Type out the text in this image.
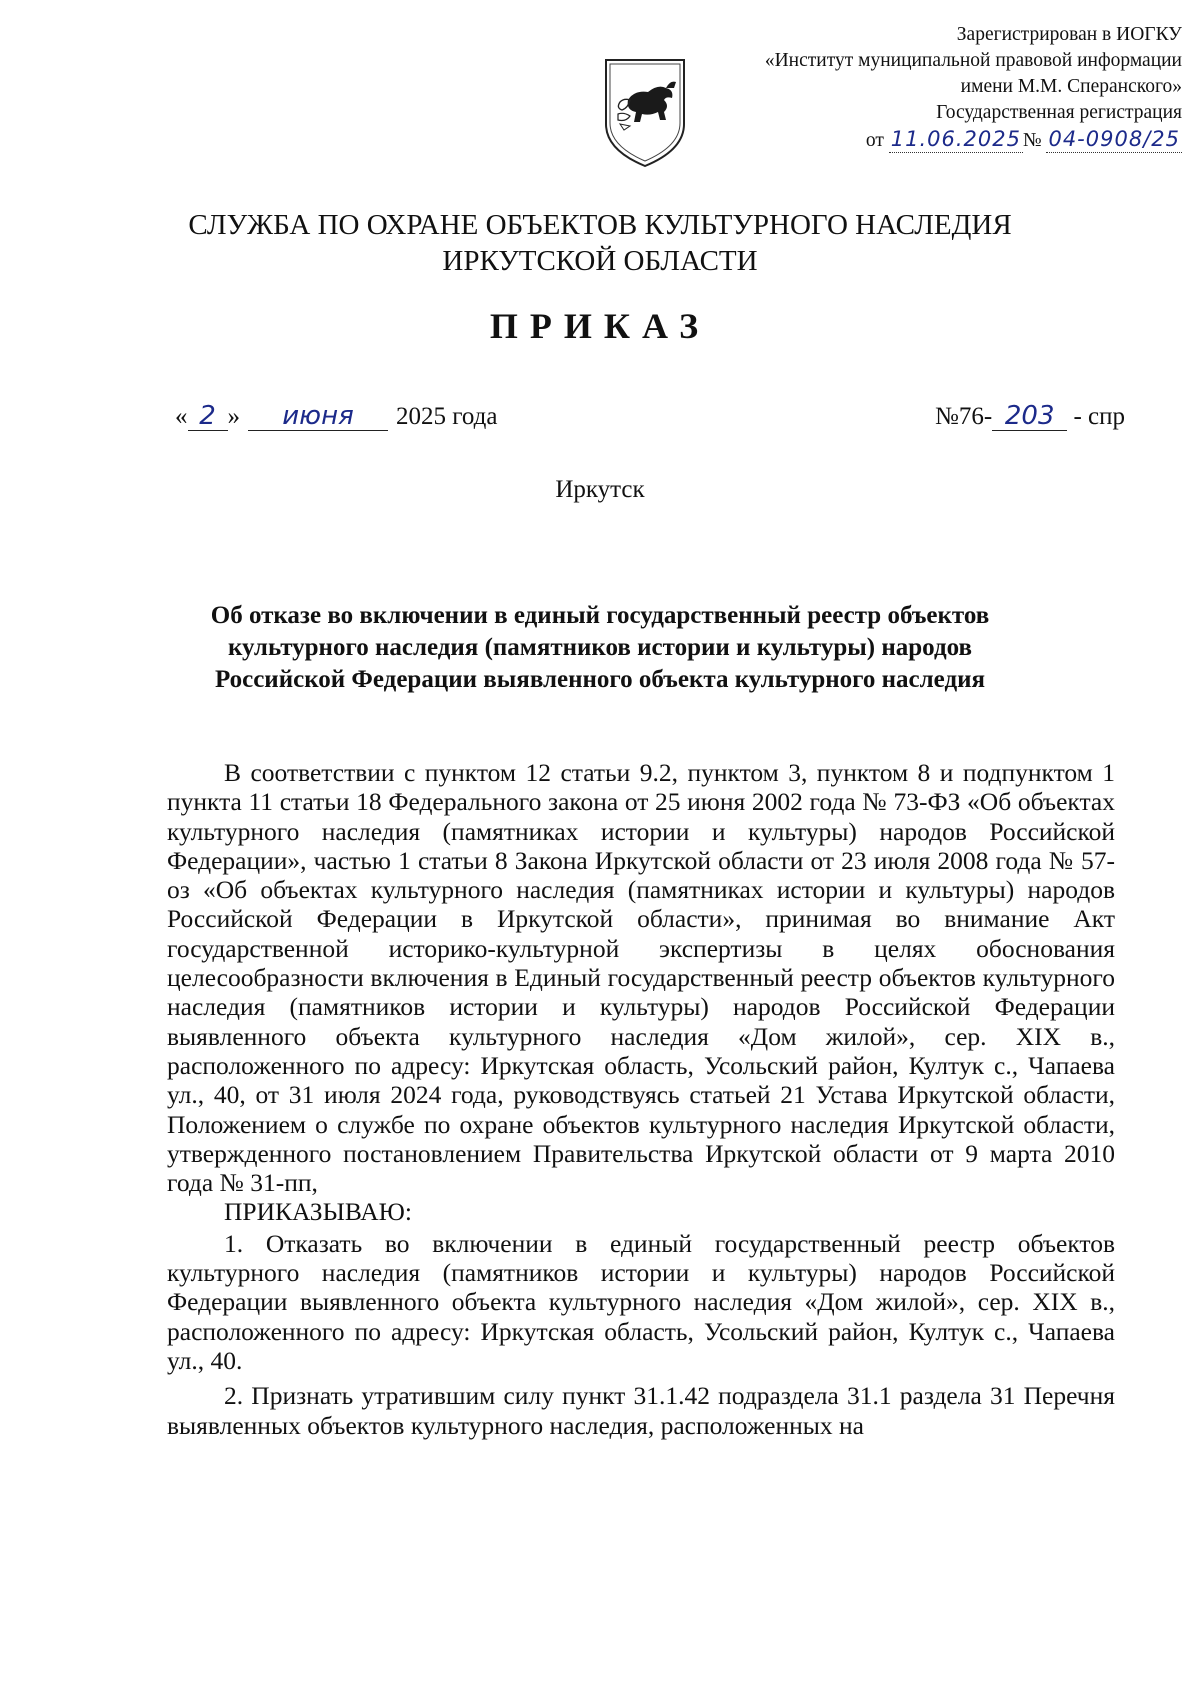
Зарегистрирован в ИОГКУ
«Институт муниципальной правовой информации
имени М.М. Сперанского»
Государственная регистрация
от 11.06.2025 № 04-0908/25
СЛУЖБА ПО ОХРАНЕ ОБЪЕКТОВ КУЛЬТУРНОГО НАСЛЕДИЯ
ИРКУТСКОЙ ОБЛАСТИ
ПРИКАЗ
« 2 » июня 2025 года	№76- 203 - спр
Иркутск
Об отказе во включении в единый государственный реестр объектов
культурного наследия (памятников истории и культуры) народов
Российской Федерации выявленного объекта культурного наследия

В соответствии с пунктом 12 статьи 9.2, пунктом 3, пунктом 8 и подпунктом 1 пункта 11 статьи 18 Федерального закона от 25 июня 2002 года № 73-ФЗ «Об объектах культурного наследия (памятниках истории и культуры) народов Российской Федерации», частью 1 статьи 8 Закона Иркутской области от 23 июля 2008 года № 57-оз «Об объектах культурного наследия (памятниках истории и культуры) народов Российской Федерации в Иркутской области», принимая во внимание Акт государственной историко-культурной экспертизы в целях обоснования целесообразности включения в Единый государственный реестр объектов культурного наследия (памятников истории и культуры) народов Российской Федерации выявленного объекта культурного наследия «Дом жилой», сер. XIX в., расположенного по адресу: Иркутская область, Усольский район, Култук с., Чапаева ул., 40, от 31 июля 2024 года, руководствуясь статьей 21 Устава Иркутской области, Положением о службе по охране объектов культурного наследия Иркутской области, утвержденного постановлением Правительства Иркутской области от 9 марта 2010 года № 31-пп,

ПРИКАЗЫВАЮ:

1. Отказать во включении в единый государственный реестр объектов культурного наследия (памятников истории и культуры) народов Российской Федерации выявленного объекта культурного наследия «Дом жилой», сер. XIX в., расположенного по адресу: Иркутская область, Усольский район, Култук с., Чапаева ул., 40.

2. Признать утратившим силу пункт 31.1.42 подраздела 31.1 раздела 31 Перечня выявленных объектов культурного наследия, расположенных на
